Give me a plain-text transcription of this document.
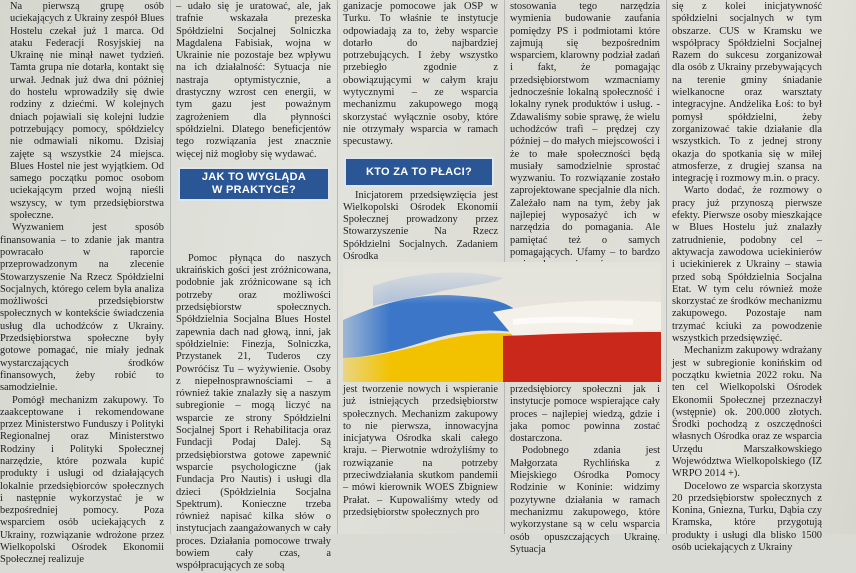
Na pierwszą grupę osób uciekających z Ukrainy zespół Blues Hostelu czekał już 1 marca. Od ataku Federacji Rosyjskiej na Ukrainę nie minął nawet tydzień. Tamta grupa nie dotarła, kontakt się urwał. Jednak już dwa dni później do hostelu wprowadziły się dwie rodziny z dziećmi. W kolejnych dniach pojawiali się kolejni ludzie potrzebujący pomocy, spółdzielcy nie odmawiali nikomu. Dzisiaj zajęte są wszystkie 24 miejsca. Blues Hostel nie jest wyjątkiem. Od samego początku pomoc osobom uciekającym przed wojną nieśli wszyscy, w tym przedsiębiorstwa społeczne.

Wyzwaniem jest sposób finansowania – to zdanie jak mantra powracało w raporcie przeprowadzonym na zlecenie Stowarzyszenie Na Rzecz Spółdzielni Socjalnych, którego celem była analiza możliwości przedsiębiorstw społecznych w kontekście świadczenia usług dla uchodźców z Ukrainy. Przedsiębiorstwa społeczne były gotowe pomagać, nie miały jednak wystarczających środków finansowych, żeby robić to samodzielnie.

Pomógł mechanizm zakupowy. To zaakceptowane i rekomendowane przez Ministerstwo Funduszy i Polityki Regionalnej oraz Ministerstwo Rodziny i Polityki Społecznej narzędzie, które pozwala kupić produkty i usługi od działających lokalnie przedsiębiorców społecznych i następnie wykorzystać je w bezpośredniej pomocy. Poza wsparciem osób uciekających z Ukrainy, rozwiązanie wdrożone przez Wielkopolski Ośrodek Ekonomii Społecznej realizuje

– udało się je uratować, ale, jak trafnie wskazała prezeska Spółdzielni Socjalnej Solniczka Magdalena Fabisiak, wojna w Ukrainie nie pozostaje bez wpływu na ich działalność: Sytuacja nie nastraja optymistycznie, a drastyczny wzrost cen energii, w tym gazu jest poważnym zagrożeniem dla płynności spółdzielni. Dlatego beneficjentów tego rozwiązania jest znacznie więcej niż mogłoby się wydawać.

Pomoc płynąca do naszych ukraińskich gości jest zróżnicowana, podobnie jak zróżnicowane są ich potrzeby oraz możliwości przedsiębiorstw społecznych. Spółdzielnia Socjalna Blues Hostel zapewnia dach nad głową, inni, jak spółdzielnie: Finezja, Solniczka, Przystanek 21, Tuderos czy Powróćisz Tu – wyżywienie. Osoby z niepełnosprawnościami – a również takie znalazły się a naszym subregionie – mogą liczyć na wsparcie ze strony Spółdzielni Socjalnej Sport i Rehabilitacja oraz Fundacji Podaj Dalej. Są przedsiębiorstwa gotowe zapewnić wsparcie psychologiczne (jak Fundacja Pro Nautis) i usługi dla dzieci (Spółdzielnia Socjalna Spektrum). Konieczne trzeba również napisać kilka słów o instytucjach zaangażowanych w cały proces. Działania pomocowe trwały bowiem cały czas, a współpracujących ze sobą

JAK TO WYGLĄDA
W PRAKTYCE?

ganizacje pomocowe jak OSP w Turku. To właśnie te instytucje odpowiadają za to, żeby wsparcie dotarło do najbardziej potrzebujących. I żeby wszystko przebiegło zgodnie z obowiązującymi w całym kraju wytycznymi – ze wsparcia mechanizmu zakupowego mogą skorzystać wyłącznie osoby, które nie otrzymały wsparcia w ramach specustawy.

Inicjatorem przedsięwzięcia jest Wielkopolski Ośrodek Ekonomii Społecznej prowadzony przez Stowarzyszenie Na Rzecz Spółdzielni Socjalnych. Zadaniem Ośrodka

KTO ZA TO PŁACI?

stosowania tego narzędzia wymienia budowanie zaufania pomiędzy PS i podmiotami które zajmują się bezpośrednim wsparciem, klarowny podział zadań i fakt, że pomagając przedsiębiorstwom wzmacniamy jednocześnie lokalną społeczność i lokalny rynek produktów i usług. - Zdawaliśmy sobie sprawę, że wielu uchodźców trafi – prędzej czy później – do małych miejscowości i że to małe społeczności będą musiały samodzielnie sprostać wyzwaniu. To rozwiązanie zostało zaprojektowane specjalnie dla nich. Zależało nam na tym, żeby jak najlepiej wyposażyć ich w narzędzia do pomagania. Ale pamiętać też o samych pomagających. Ufamy – to bardzo

jest tworzenie nowych i wspieranie już istniejących przedsiębiorstw społecznych. Mechanizm zakupowy to nie pierwsza, innowacyjna inicjatywa Ośrodka skali całego kraju. – Pierwotnie wdrożyliśmy to rozwiązanie na potrzeby przeciwdziałania skutkom pandemii – mówi kierownik WOES Zbigniew Prałat. – Kupowaliśmy wtedy od przedsiębiorstw społecznych pro

przedsiębiorcy społeczni jak i instytucje pomoce wspierające cały proces – najlepiej wiedzą, gdzie i jaka pomoc powinna zostać dostarczona.

Podobnego zdania jest Małgorzata Rychlińska z Miejskiego Ośrodka Pomocy Rodzinie w Koninie: widzimy pozytywne działania w ramach mechanizmu zakupowego, które wykorzystane są w celu wsparcia osób opuszczających Ukrainę. Sytuacja

się z kolei inicjatywność spółdzielni socjalnych w tym obszarze. CUS w Kramsku we współpracy Spółdzielni Socjalnej Razem do sukcesu zorganizował dla osób z Ukrainy przebywających na terenie gminy śniadanie wielkanocne oraz warsztaty integracyjne. Andżelika Łoś: to był pomysł spółdzielni, żeby zorganizować takie działanie dla wszystkich. To z jednej strony okazja do spotkania się w miłej atmosferze, z drugiej szansa na integrację i rozmowy m.in. o pracy.

Warto dodać, że rozmowy o pracy już przynoszą pierwsze efekty. Pierwsze osoby mieszkające w Blues Hostelu już znalazły zatrudnienie, podobny cel – aktywacja zawodowa uciekinierów i uciekinierek z Ukrainy – stawia przed sobą Spółdzielnia Socjalna Etat. W tym celu również może skorzystać ze środków mechanizmu zakupowego. Pozostaje nam trzymać kciuki za powodzenie wszystkich przedsięwzięć.

Mechanizm zakupowy wdrażany jest w subregionie konińskim od początku kwietnia 2022 roku. Na ten cel Wielkopolski Ośrodek Ekonomii Społecznej przeznaczył (wstępnie) ok. 200.000 złotych. Środki pochodzą z oszczędności własnych Ośrodka oraz ze wsparcia Urzędu Marszałkowskiego Województwa Wielkopolskiego (IZ WRPO 2014 +).

Docelowo ze wsparcia skorzysta 20 przedsiębiorstw społecznych z Konina, Gniezna, Turku, Dąbia czy Kramska, które przygotują produkty i usługi dla blisko 1500 osób uciekających z Ukrainy
